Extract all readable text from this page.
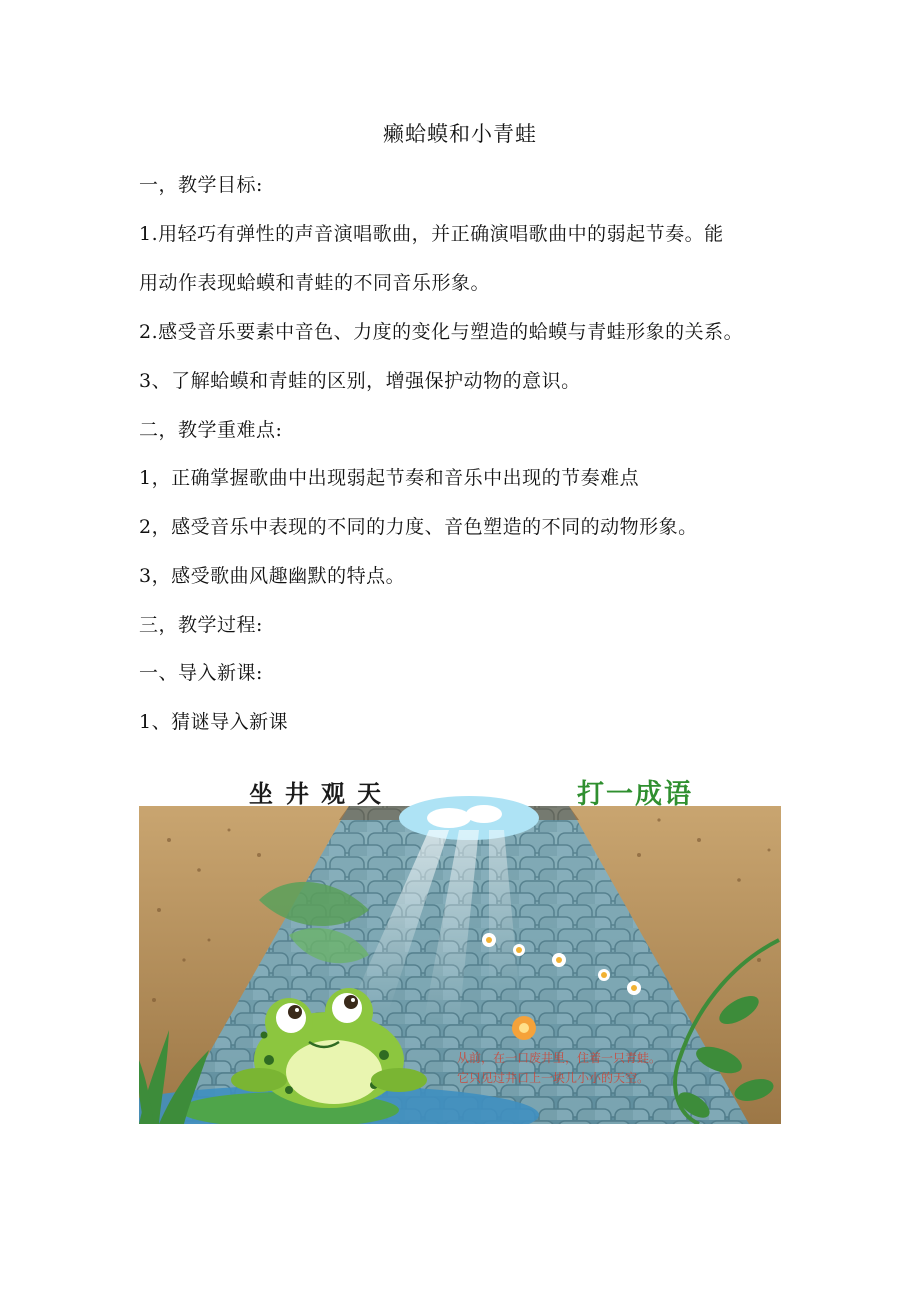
癞蛤蟆和小青蛙
一，教学目标:
1.用轻巧有弹性的声音演唱歌曲，并正确演唱歌曲中的弱起节奏。能
用动作表现蛤蟆和青蛙的不同音乐形象。
2.感受音乐要素中音色、力度的变化与塑造的蛤蟆与青蛙形象的关系。
3、了解蛤蟆和青蛙的区别，增强保护动物的意识。
二，教学重难点:
1，正确掌握歌曲中出现弱起节奏和音乐中出现的节奏难点
2，感受音乐中表现的不同的力度、音色塑造的不同的动物形象。
3，感受歌曲风趣幽默的特点。
三，教学过程:
一、导入新课:
1、猜谜导入新课
坐井观天	打一成语
从前，在一口废井里，住着一只青蛙。
它只见过井口上一块儿小小的天空。
